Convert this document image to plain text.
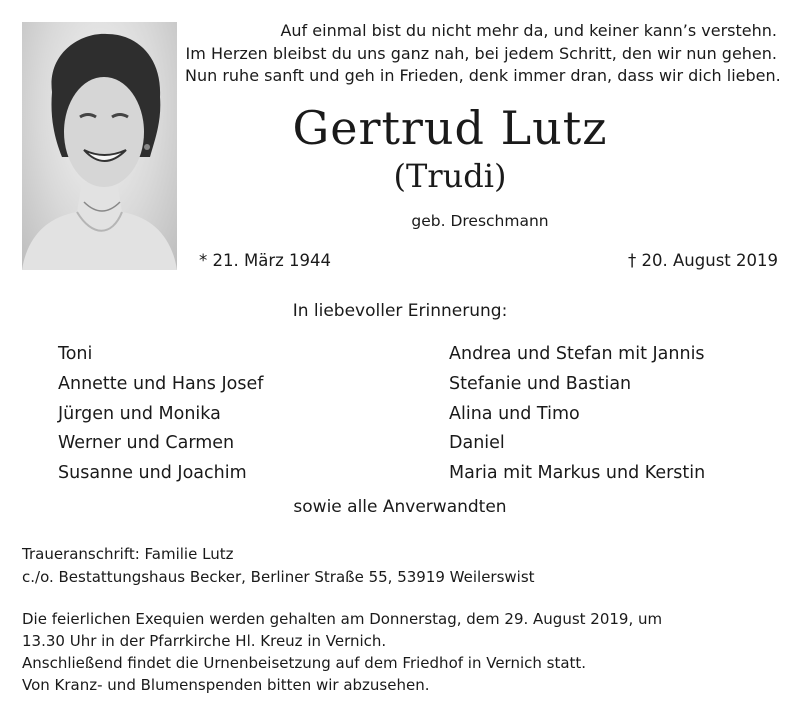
Auf einmal bist du nicht mehr da, und keiner kann’s verstehn.
Im Herzen bleibst du uns ganz nah, bei jedem Schritt, den wir nun gehen.
Nun ruhe sanft und geh in Frieden, denk immer dran, dass wir dich lieben.
Gertrud Lutz
(Trudi)
geb. Dreschmann
* 21. März 1944	† 20. August 2019
In liebevoller Erinnerung:
Toni
Annette und Hans Josef
Jürgen und Monika
Werner und Carmen
Susanne und Joachim
Andrea und Stefan mit Jannis
Stefanie und Bastian
Alina und Timo
Daniel
Maria mit Markus und Kerstin
sowie alle Anverwandten
Traueranschrift: Familie Lutz
c./o. Bestattungshaus Becker, Berliner Straße 55, 53919 Weilerswist
Die feierlichen Exequien werden gehalten am Donnerstag, dem 29. August 2019, um
13.30 Uhr in der Pfarrkirche Hl. Kreuz in Vernich.
Anschließend findet die Urnenbeisetzung auf dem Friedhof in Vernich statt.
Von Kranz- und Blumenspenden bitten wir abzusehen.
